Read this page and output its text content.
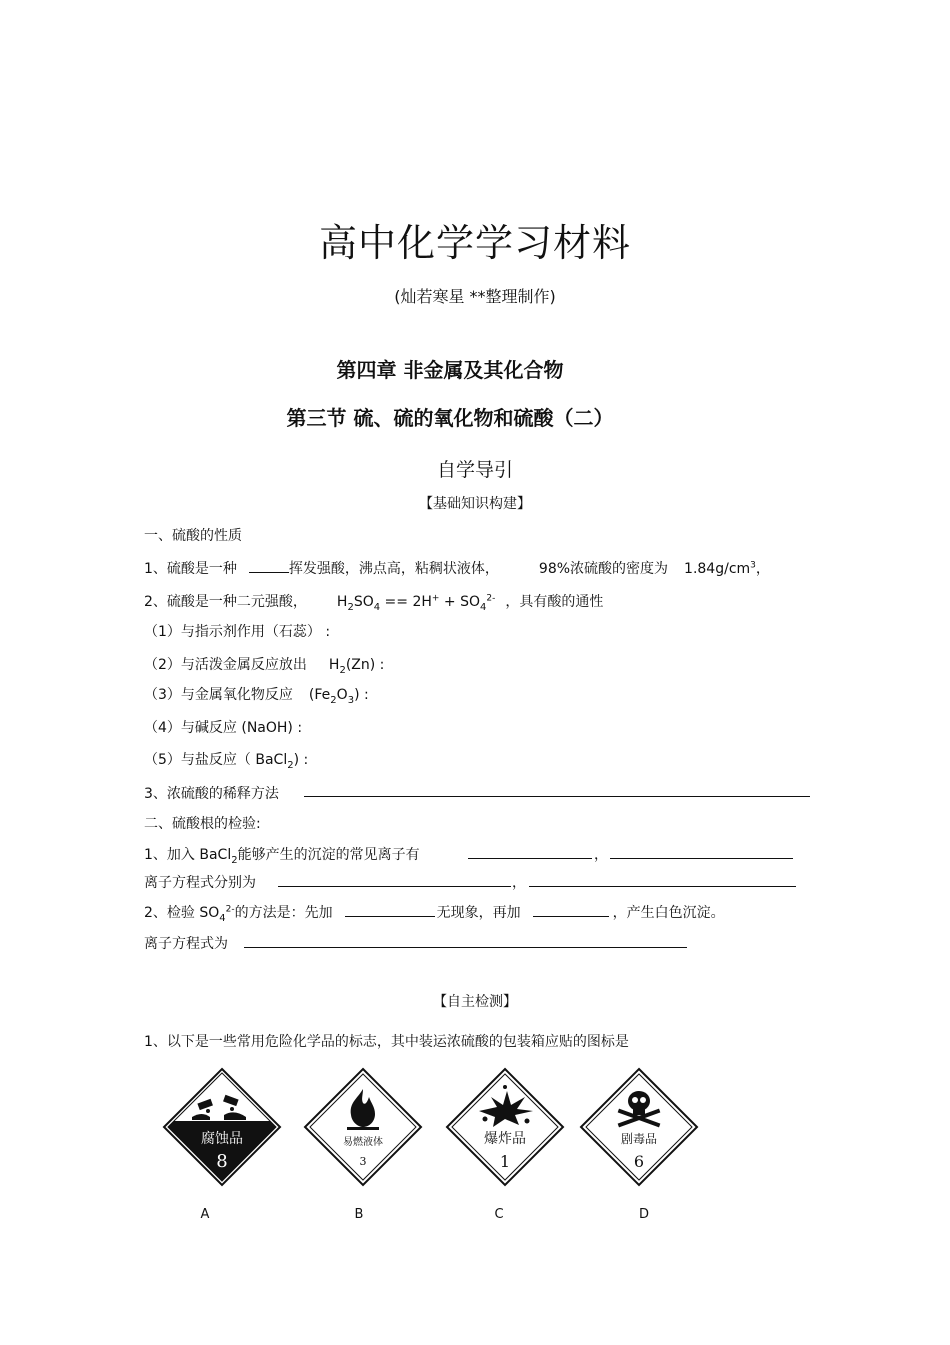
高中化学学习材料
(灿若寒星 **整理制作)
第四章 非金属及其化合物
第三节 硫、硫的氧化物和硫酸（二）
自学导引
【基础知识构建】
一、硫酸的性质
1、硫酸是一种	挥发强酸，沸点高，粘稠状液体，	98%浓硫酸的密度为 $1.84g/cm^3$，
2、硫酸是一种二元强酸， $H_2SO_4 == 2H^+ + SO_4^{2-}$ ，具有酸的通性
（1）与指示剂作用（石蕊） :
（2）与活泼金属反应放出 $H_2(Zn)$ :
（3）与金属氧化物反应 $(Fe_2O_3)$ :
（4）与碱反应 (NaOH) :
（5）与盐反应（ BaCl$_2$) :
3、浓硫酸的稀释方法
二、硫酸根的检验:
1、加入 BaCl$_2$能够产生的沉淀的常见离子有	，
离子方程式分别为	，
2、检验 $SO_4^{2-}$的方法是：先加	无现象，再加	，产生白色沉淀。
离子方程式为
【自主检测】
1、以下是一些常用危险化学品的标志，其中装运浓硫酸的包装箱应贴的图标是
腐蚀品
8
易燃液体
3
爆炸品
1
剧毒品
6
A	B	C	D
